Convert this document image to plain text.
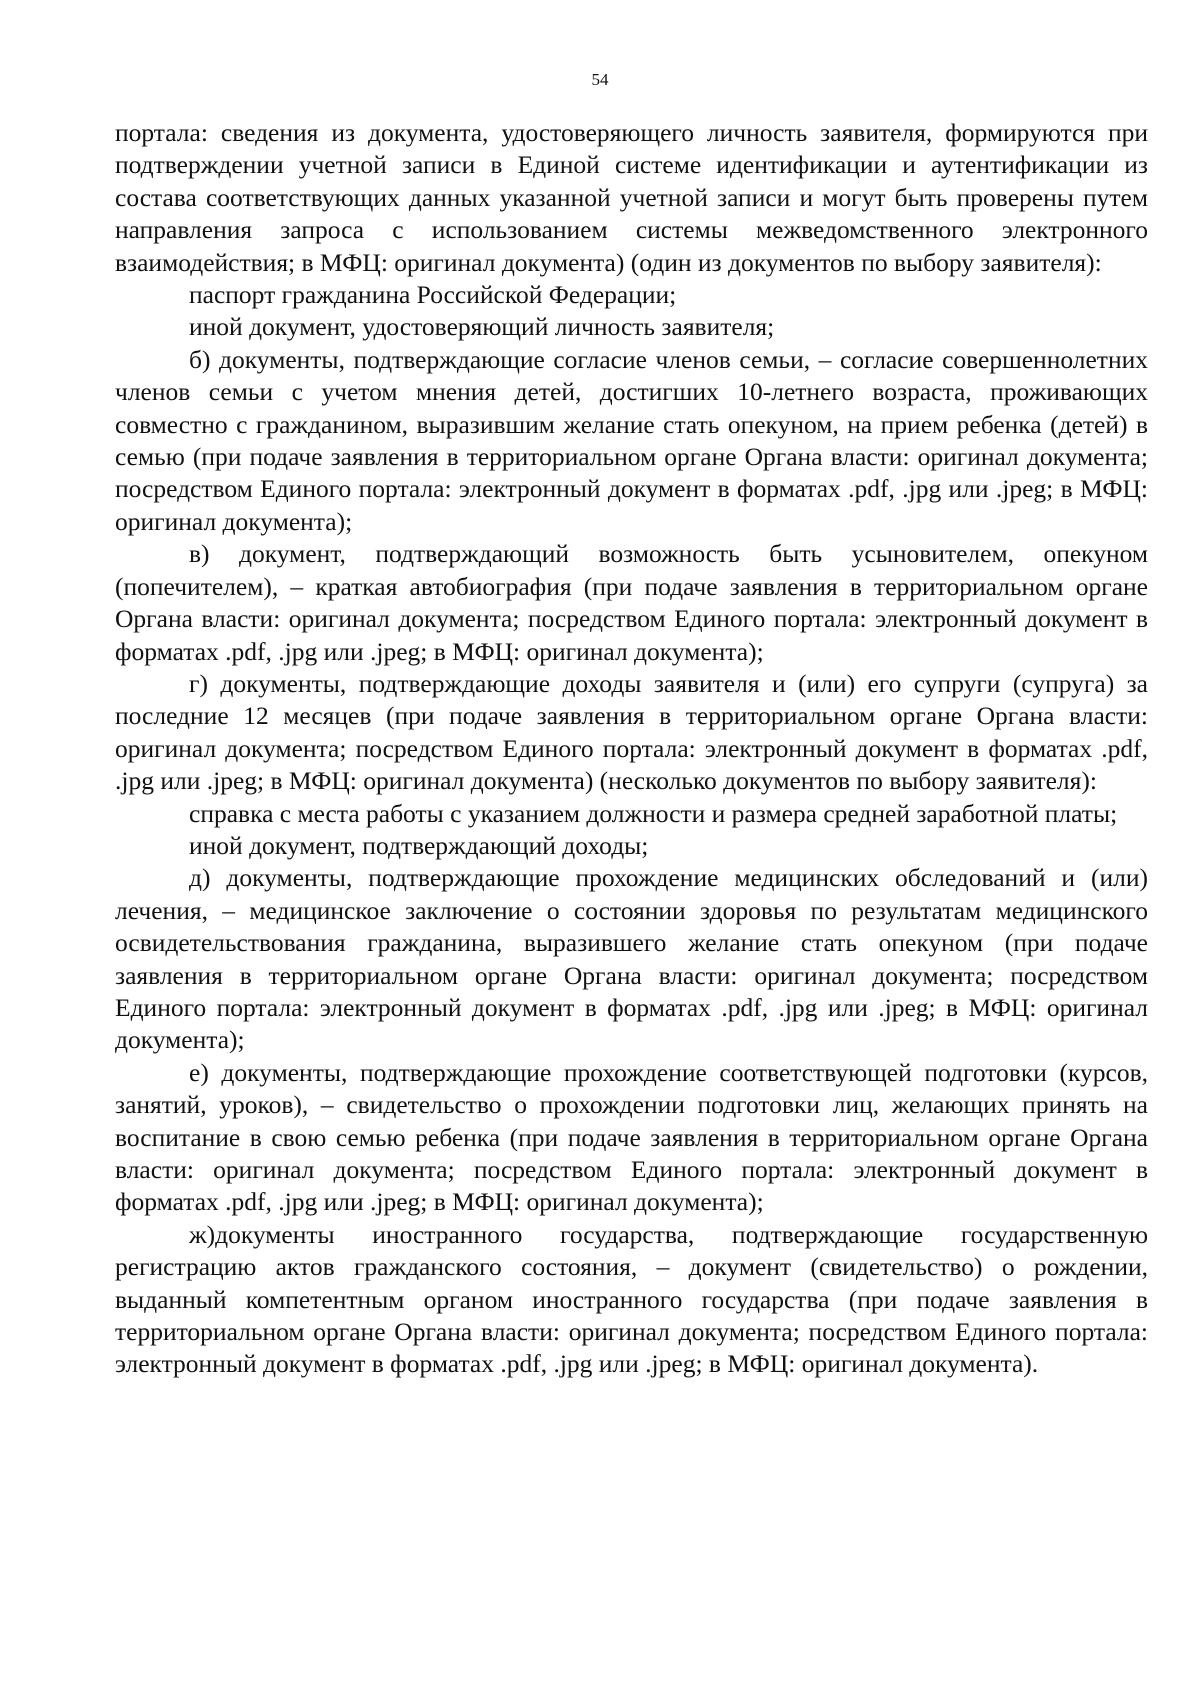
54

портала: сведения из документа, удостоверяющего личность заявителя, формируются при подтверждении учетной записи в Единой системе идентификации и аутентификации из состава соответствующих данных указанной учетной записи и могут быть проверены путем направления запроса с использованием системы межведомственного электронного взаимодействия; в МФЦ: оригинал документа) (один из документов по выбору заявителя):

паспорт гражданина Российской Федерации;

иной документ, удостоверяющий личность заявителя;

б) документы, подтверждающие согласие членов семьи, – согласие совершеннолетних членов семьи с учетом мнения детей, достигших 10-летнего возраста, проживающих совместно с гражданином, выразившим желание стать опекуном, на прием ребенка (детей) в семью (при подаче заявления в территориальном органе Органа власти: оригинал документа; посредством Единого портала: электронный документ в форматах .pdf, .jpg или .jpeg; в МФЦ: оригинал документа);

в) документ, подтверждающий возможность быть усыновителем, опекуном (попечителем), – краткая автобиография (при подаче заявления в территориальном органе Органа власти: оригинал документа; посредством Единого портала: электронный документ в форматах .pdf, .jpg или .jpeg; в МФЦ: оригинал документа);

г) документы, подтверждающие доходы заявителя и (или) его супруги (супруга) за последние 12 месяцев (при подаче заявления в территориальном органе Органа власти: оригинал документа; посредством Единого портала: электронный документ в форматах .pdf, .jpg или .jpeg; в МФЦ: оригинал документа) (несколько документов по выбору заявителя):

справка с места работы с указанием должности и размера средней заработной платы;

иной документ, подтверждающий доходы;

д) документы, подтверждающие прохождение медицинских обследований и (или) лечения, – медицинское заключение о состоянии здоровья по результатам медицинского освидетельствования гражданина, выразившего желание стать опекуном (при подаче заявления в территориальном органе Органа власти: оригинал документа; посредством Единого портала: электронный документ в форматах .pdf, .jpg или .jpeg; в МФЦ: оригинал документа);

е) документы, подтверждающие прохождение соответствующей подготовки (курсов, занятий, уроков), – свидетельство о прохождении подготовки лиц, желающих принять на воспитание в свою семью ребенка (при подаче заявления в территориальном органе Органа власти: оригинал документа; посредством Единого портала: электронный документ в форматах .pdf, .jpg или .jpeg; в МФЦ: оригинал документа);

ж)документы иностранного государства, подтверждающие государственную регистрацию актов гражданского состояния, – документ (свидетельство) о рождении, выданный компетентным органом иностранного государства (при подаче заявления в территориальном органе Органа власти: оригинал документа; посредством Единого портала: электронный документ в форматах .pdf, .jpg или .jpeg; в МФЦ: оригинал документа).
